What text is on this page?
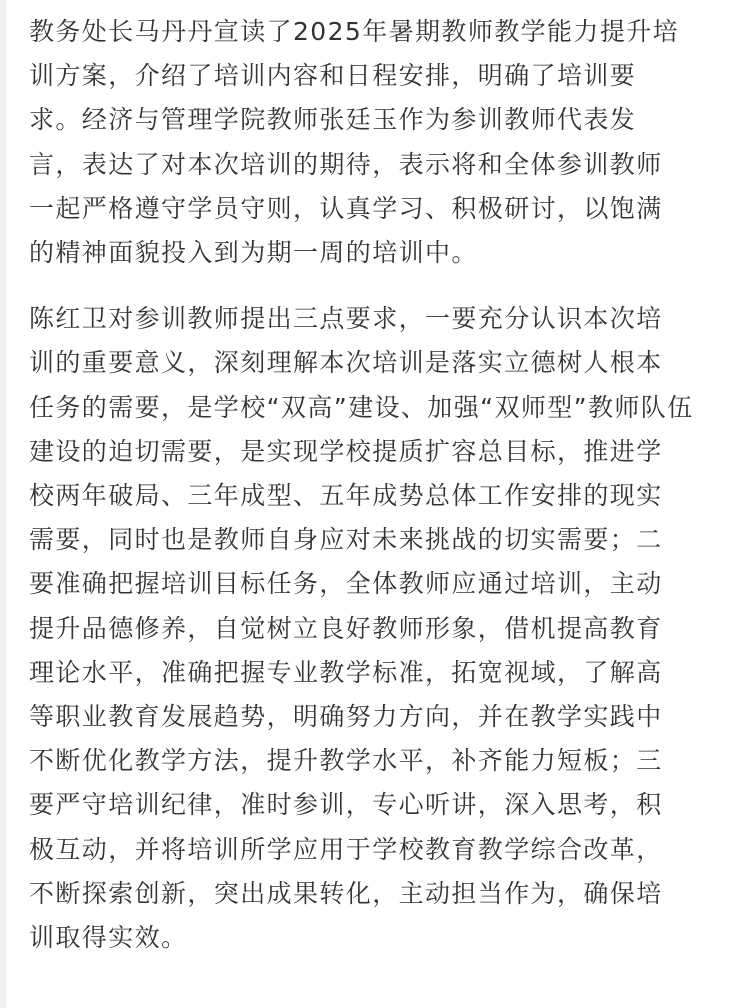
教务处长马丹丹宣读了2025年暑期教师教学能力提升培
训方案，介绍了培训内容和日程安排，明确了培训要
求。经济与管理学院教师张廷玉作为参训教师代表发
言，表达了对本次培训的期待，表示将和全体参训教师
一起严格遵守学员守则，认真学习、积极研讨，以饱满
的精神面貌投入到为期一周的培训中。

陈红卫对参训教师提出三点要求，一要充分认识本次培
训的重要意义，深刻理解本次培训是落实立德树人根本
任务的需要，是学校“双高”建设、加强“双师型”教师队伍
建设的迫切需要，是实现学校提质扩容总目标，推进学
校两年破局、三年成型、五年成势总体工作安排的现实
需要，同时也是教师自身应对未来挑战的切实需要；二
要准确把握培训目标任务，全体教师应通过培训，主动
提升品德修养，自觉树立良好教师形象，借机提高教育
理论水平，准确把握专业教学标准，拓宽视域，了解高
等职业教育发展趋势，明确努力方向，并在教学实践中
不断优化教学方法，提升教学水平，补齐能力短板；三
要严守培训纪律，准时参训，专心听讲，深入思考，积
极互动，并将培训所学应用于学校教育教学综合改革，
不断探索创新，突出成果转化，主动担当作为，确保培
训取得实效。
